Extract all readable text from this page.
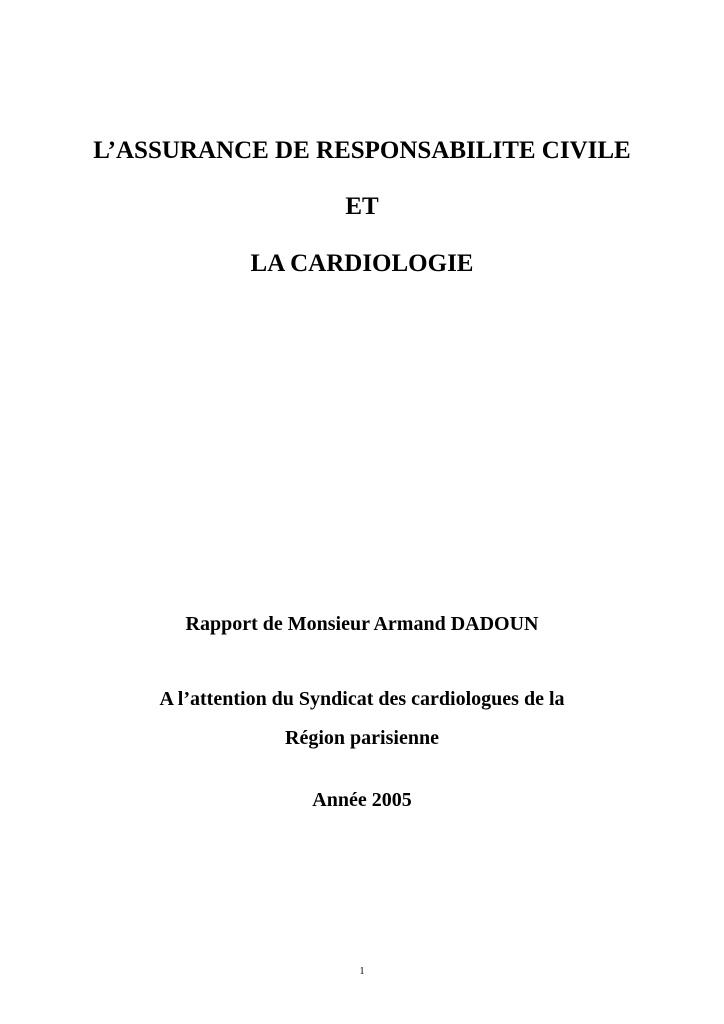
L’ASSURANCE DE RESPONSABILITE CIVILE
ET
LA CARDIOLOGIE

Rapport de Monsieur Armand DADOUN

A l’attention du Syndicat des cardiologues de la

Région parisienne

Année 2005

1
